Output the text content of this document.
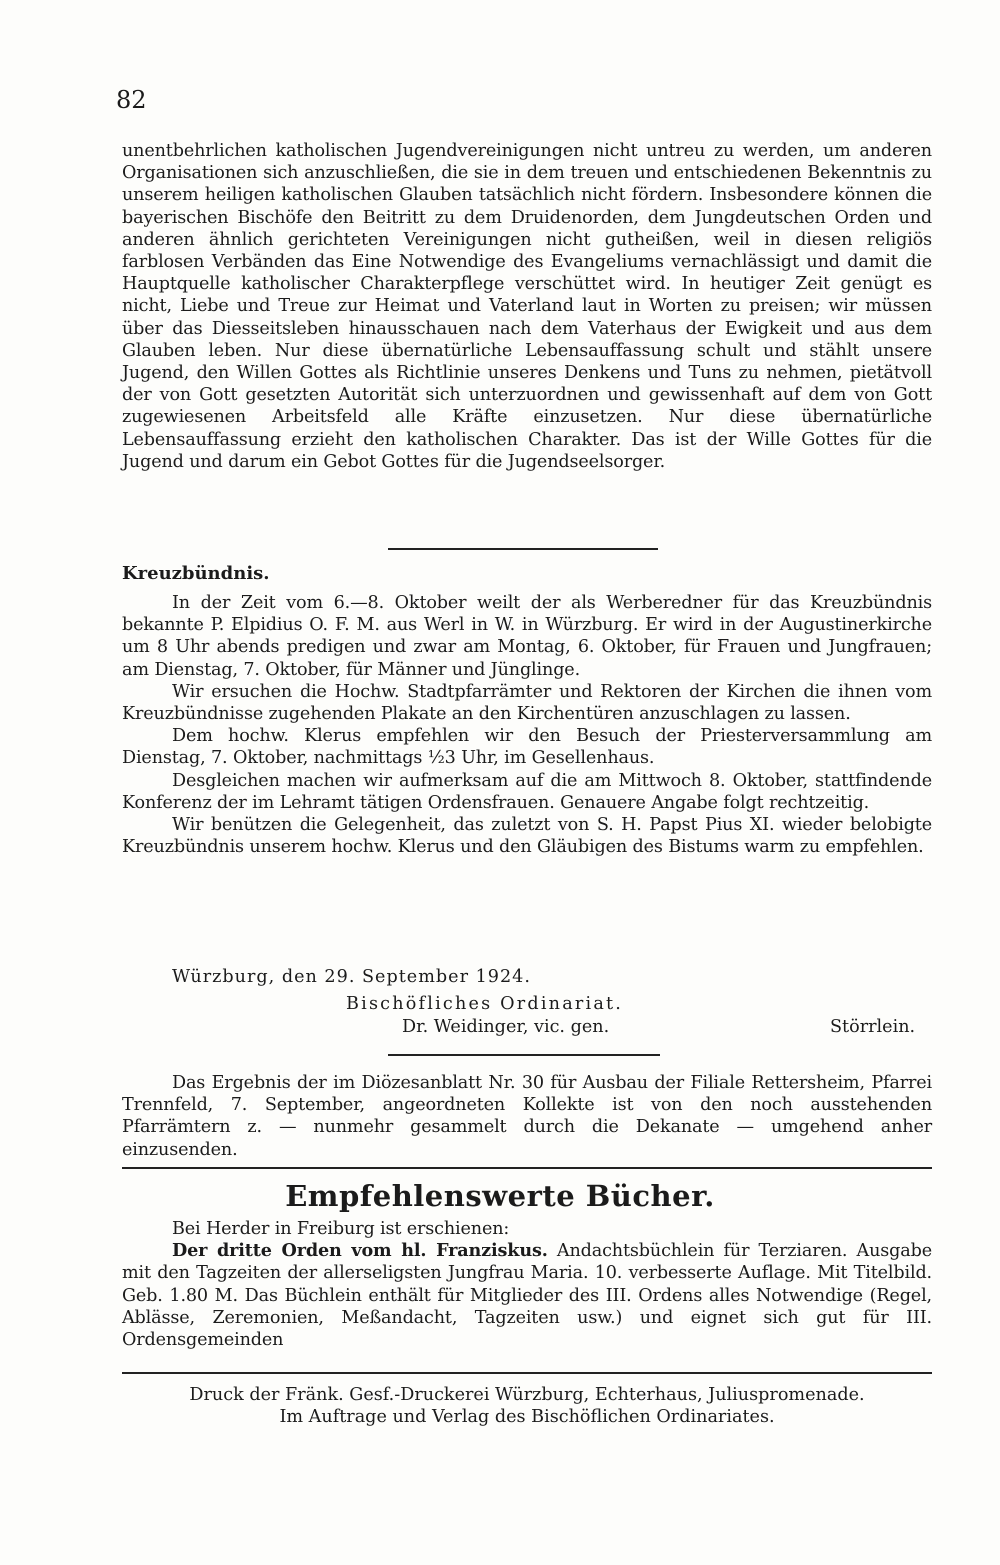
82

unentbehrlichen katholischen Jugendvereinigungen nicht untreu zu werden, um anderen Organisationen sich anzuschließen, die sie in dem treuen und entschiedenen Bekenntnis zu unserem heiligen katholischen Glauben tatsächlich nicht fördern. Insbesondere können die bayerischen Bischöfe den Beitritt zu dem Druidenorden, dem Jungdeutschen Orden und anderen ähnlich gerichteten Vereinigungen nicht gutheißen, weil in diesen religiös farblosen Verbänden das Eine Notwendige des Evangeliums vernachlässigt und damit die Hauptquelle katholischer Charakterpflege verschüttet wird. In heutiger Zeit genügt es nicht, Liebe und Treue zur Heimat und Vaterland laut in Worten zu preisen; wir müssen über das Diesseitsleben hinausschauen nach dem Vaterhaus der Ewigkeit und aus dem Glauben leben. Nur diese übernatürliche Lebensauffassung schult und stählt unsere Jugend, den Willen Gottes als Richtlinie unseres Denkens und Tuns zu nehmen, pietätvoll der von Gott gesetzten Autorität sich unterzuordnen und gewissenhaft auf dem von Gott zugewiesenen Arbeitsfeld alle Kräfte einzusetzen. Nur diese übernatürliche Lebensauffassung erzieht den katholischen Charakter. Das ist der Wille Gottes für die Jugend und darum ein Gebot Gottes für die Jugendseelsorger.

Kreuzbündnis.

In der Zeit vom 6.—8. Oktober weilt der als Werberedner für das Kreuzbündnis bekannte P. Elpidius O. F. M. aus Werl in W. in Würzburg. Er wird in der Augustinerkirche um 8 Uhr abends predigen und zwar am Montag, 6. Oktober, für Frauen und Jungfrauen; am Dienstag, 7. Oktober, für Männer und Jünglinge.

Wir ersuchen die Hochw. Stadtpfarrämter und Rektoren der Kirchen die ihnen vom Kreuzbündnisse zugehenden Plakate an den Kirchentüren anzuschlagen zu lassen.

Dem hochw. Klerus empfehlen wir den Besuch der Priesterversammlung am Dienstag, 7. Oktober, nachmittags ½3 Uhr, im Gesellenhaus.

Desgleichen machen wir aufmerksam auf die am Mittwoch 8. Oktober, stattfindende Konferenz der im Lehramt tätigen Ordensfrauen. Genauere Angabe folgt rechtzeitig.

Wir benützen die Gelegenheit, das zuletzt von S. H. Papst Pius XI. wieder belobigte Kreuzbündnis unserem hochw. Klerus und den Gläubigen des Bistums warm zu empfehlen.

Würzburg, den 29. September 1924.
Bischöfliches Ordinariat.
Dr. Weidinger, vic. gen.	Störrlein.

Das Ergebnis der im Diözesanblatt Nr. 30 für Ausbau der Filiale Rettersheim, Pfarrei Trennfeld, 7. September, angeordneten Kollekte ist von den noch ausstehenden Pfarrämtern z. — nunmehr gesammelt durch die Dekanate — umgehend anher einzusenden.

Empfehlenswerte Bücher.

Bei Herder in Freiburg ist erschienen:

Der dritte Orden vom hl. Franziskus. Andachtsbüchlein für Terziaren. Ausgabe mit den Tagzeiten der allerseligsten Jungfrau Maria. 10. verbesserte Auflage. Mit Titelbild. Geb. 1.80 M. Das Büchlein enthält für Mitglieder des III. Ordens alles Notwendige (Regel, Ablässe, Zeremonien, Meßandacht, Tagzeiten usw.) und eignet sich gut für III. Ordensgemeinden

Druck der Fränk. Gesf.-Druckerei Würzburg, Echterhaus, Juliuspromenade.

Im Auftrage und Verlag des Bischöflichen Ordinariates.
